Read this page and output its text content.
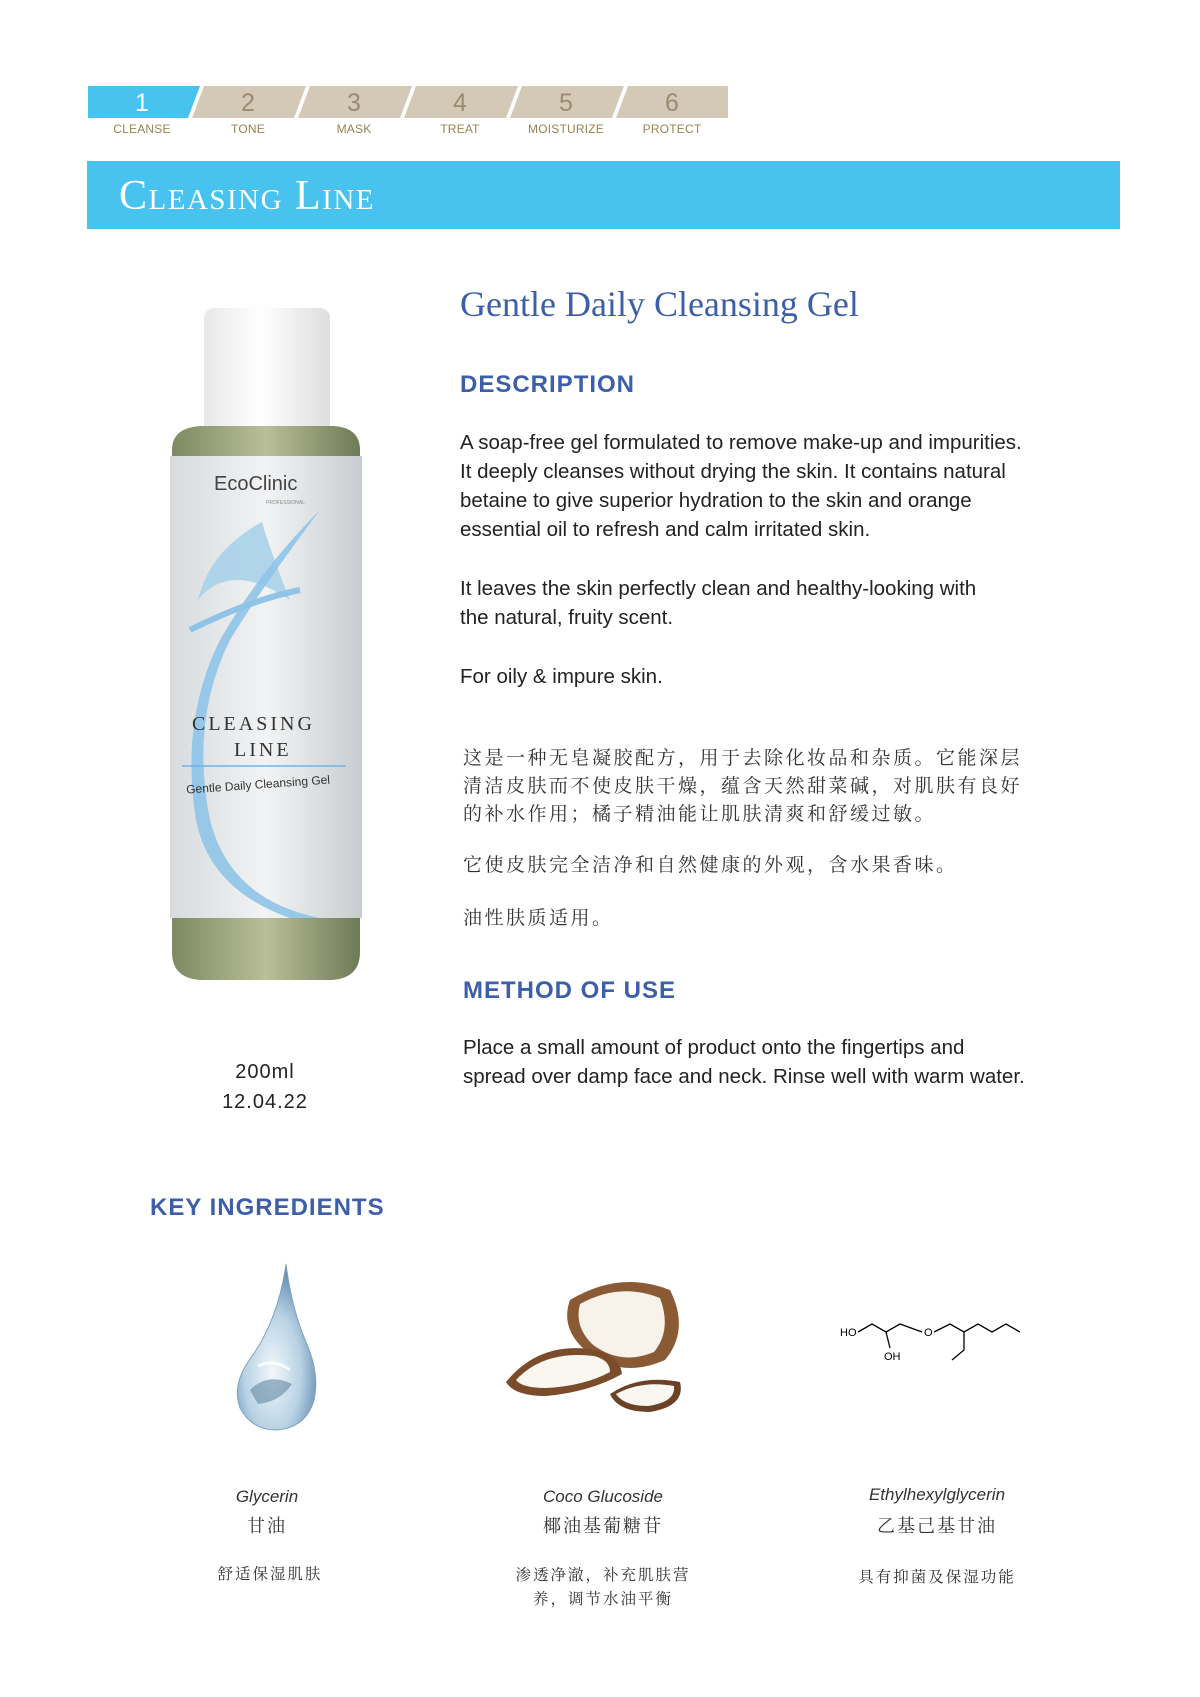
1	2	3	4	5	6
CLEANSE	TONE	MASK	TREAT	MOISTURIZE	PROTECT
Cleasing Line
Gentle Daily Cleansing Gel
EcoClinic
PROFESSIONAL
CLEASING
LINE
Gentle Daily Cleansing Gel
200ml
12.04.22
DESCRIPTION
A soap-free gel formulated to remove make-up and impurities.
It deeply cleanses without drying the skin. It contains natural
betaine to give superior hydration to the skin and orange
essential oil to refresh and calm irritated skin.
It leaves the skin perfectly clean and healthy-looking with
the natural, fruity scent.
For oily & impure skin.
这是一种无皂凝胶配方，用于去除化妆品和杂质。它能深层
清洁皮肤而不使皮肤干燥，蕴含天然甜菜碱，对肌肤有良好
的补水作用；橘子精油能让肌肤清爽和舒缓过敏。
它使皮肤完全洁净和自然健康的外观，含水果香味。
油性肤质适用。
METHOD OF USE
Place a small amount of product onto the fingertips and
spread over damp face and neck. Rinse well with warm water.
KEY INGREDIENTS
HO
OH
O
Glycerin
甘油
舒适保湿肌肤
Coco Glucoside
椰油基葡糖苷
渗透净澈，补充肌肤营
养，调节水油平衡
Ethylhexylglycerin
乙基己基甘油
具有抑菌及保湿功能
